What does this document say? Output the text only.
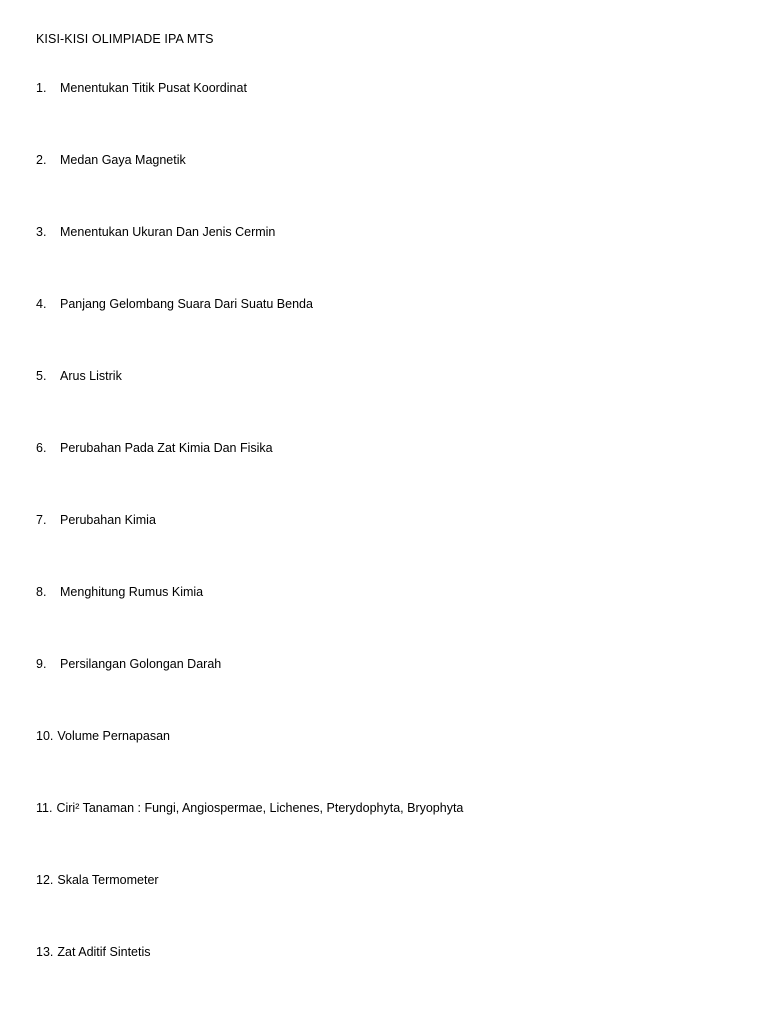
KISI-KISI OLIMPIADE IPA MTS
1. Menentukan Titik Pusat Koordinat
2. Medan Gaya Magnetik
3. Menentukan Ukuran Dan Jenis Cermin
4. Panjang Gelombang Suara Dari Suatu Benda
5. Arus Listrik
6. Perubahan Pada Zat Kimia Dan Fisika
7. Perubahan Kimia
8. Menghitung Rumus Kimia
9. Persilangan Golongan Darah
10. Volume Pernapasan
11. Ciri² Tanaman : Fungi, Angiospermae, Lichenes, Pterydophyta, Bryophyta
12. Skala Termometer
13. Zat Aditif Sintetis
